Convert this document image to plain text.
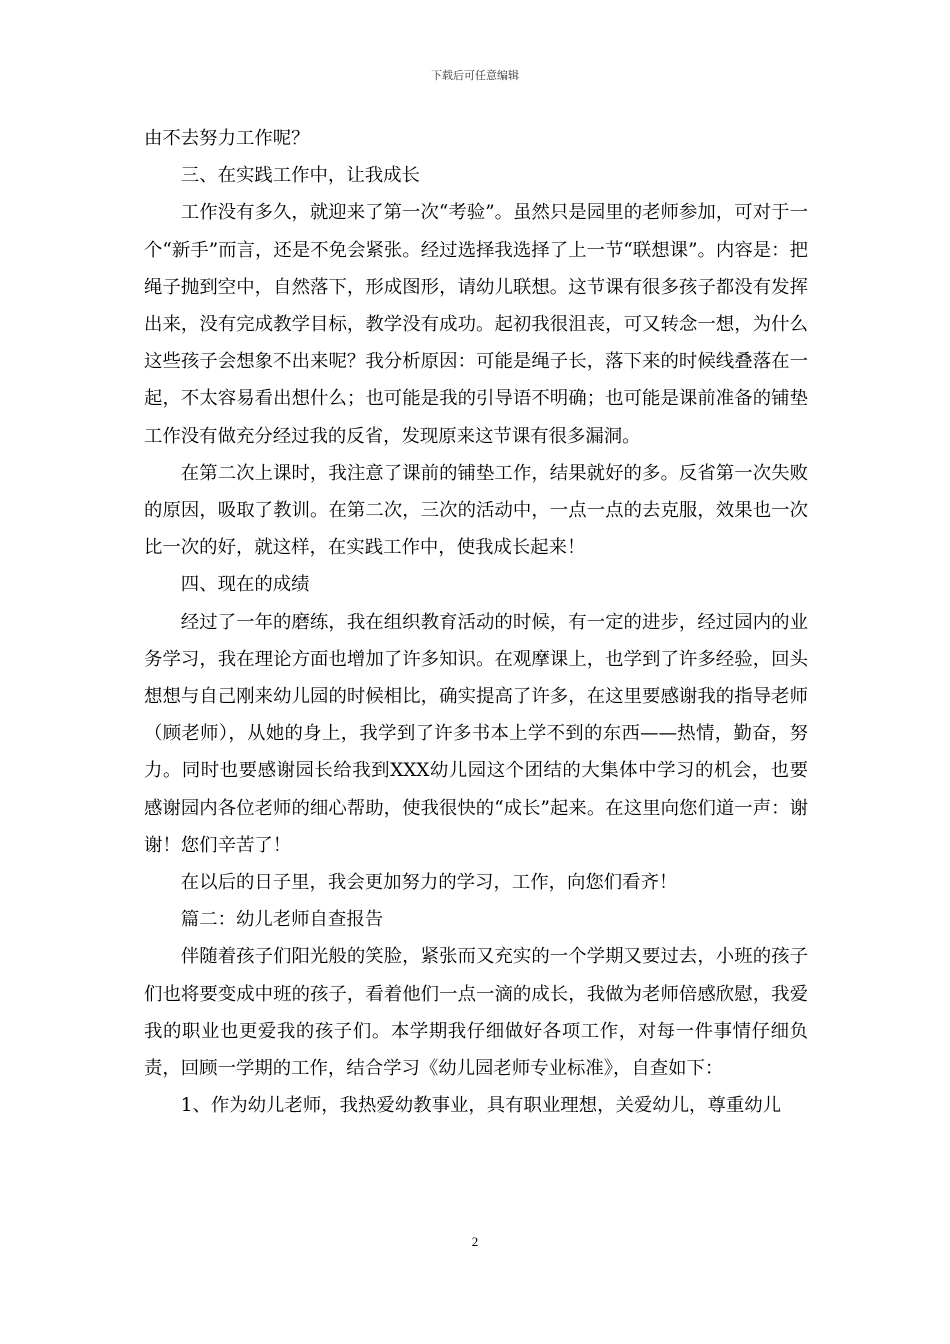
下载后可任意编辑

由不去努力工作呢？

三、在实践工作中，让我成长

工作没有多久，就迎来了第一次“考验”。虽然只是园里的老师参加，可对于一个“新手”而言，还是不免会紧张。经过选择我选择了上一节“联想课”。内容是：把绳子抛到空中，自然落下，形成图形，请幼儿联想。这节课有很多孩子都没有发挥出来，没有完成教学目标，教学没有成功。起初我很沮丧，可又转念一想，为什么这些孩子会想象不出来呢？我分析原因：可能是绳子长，落下来的时候线叠落在一起，不太容易看出想什么；也可能是我的引导语不明确；也可能是课前准备的铺垫工作没有做充分经过我的反省，发现原来这节课有很多漏洞。

在第二次上课时，我注意了课前的铺垫工作，结果就好的多。反省第一次失败的原因，吸取了教训。在第二次，三次的活动中，一点一点的去克服，效果也一次比一次的好，就这样，在实践工作中，使我成长起来！

四、现在的成绩

经过了一年的磨练，我在组织教育活动的时候，有一定的进步，经过园内的业务学习，我在理论方面也增加了许多知识。在观摩课上，也学到了许多经验，回头想想与自己刚来幼儿园的时候相比，确实提高了许多，在这里要感谢我的指导老师（顾老师），从她的身上，我学到了许多书本上学不到的东西——热情，勤奋，努力。同时也要感谢园长给我到XXX幼儿园这个团结的大集体中学习的机会，也要感谢园内各位老师的细心帮助，使我很快的“成长”起来。在这里向您们道一声：谢谢！您们辛苦了！

在以后的日子里，我会更加努力的学习，工作，向您们看齐！

篇二：幼儿老师自查报告

伴随着孩子们阳光般的笑脸，紧张而又充实的一个学期又要过去，小班的孩子们也将要变成中班的孩子，看着他们一点一滴的成长，我做为老师倍感欣慰，我爱我的职业也更爱我的孩子们。本学期我仔细做好各项工作，对每一件事情仔细负责，回顾一学期的工作，结合学习《幼儿园老师专业标准》，自查如下：

1、作为幼儿老师，我热爱幼教事业，具有职业理想，关爱幼儿，尊重幼儿

2
